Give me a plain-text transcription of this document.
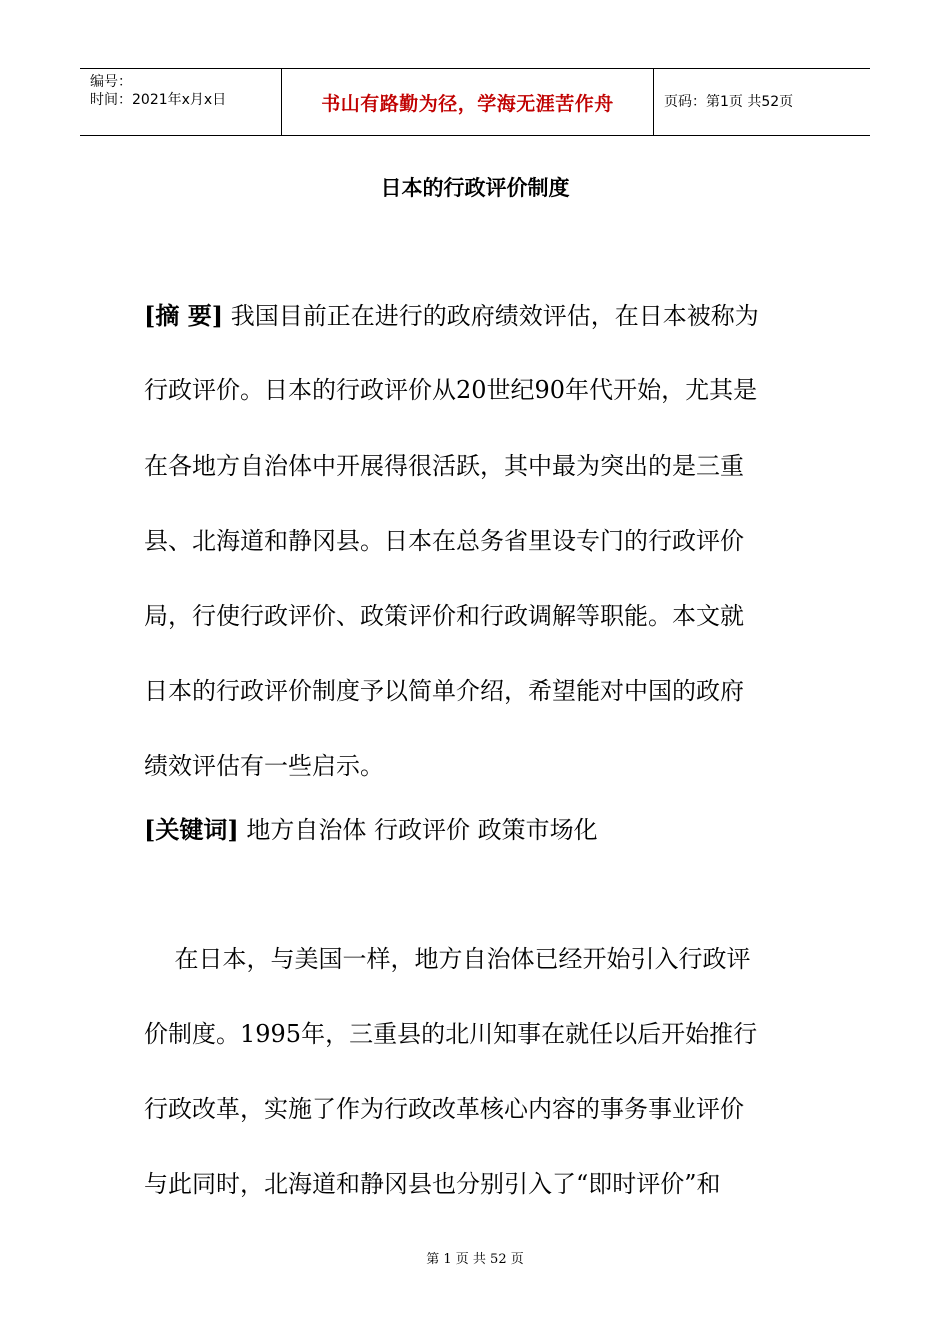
编号：
时间：2021年x月x日	书山有路勤为径，学海无涯苦作舟	页码：第1页 共52页
日本的行政评价制度
[摘 要] 我国目前正在进行的政府绩效评估，在日本被称为
行政评价。日本的行政评价从20世纪90年代开始，尤其是
在各地方自治体中开展得很活跃，其中最为突出的是三重
县、北海道和静冈县。日本在总务省里设专门的行政评价
局，行使行政评价、政策评价和行政调解等职能。本文就
日本的行政评价制度予以简单介绍，希望能对中国的政府
绩效评估有一些启示。
[关键词] 地方自治体 行政评价 政策市场化
在日本，与美国一样，地方自治体已经开始引入行政评
价制度。1995年，三重县的北川知事在就任以后开始推行
行政改革，实施了作为行政改革核心内容的事务事业评价
与此同时，北海道和静冈县也分别引入了“即时评价”和
第 1 页 共 52 页
